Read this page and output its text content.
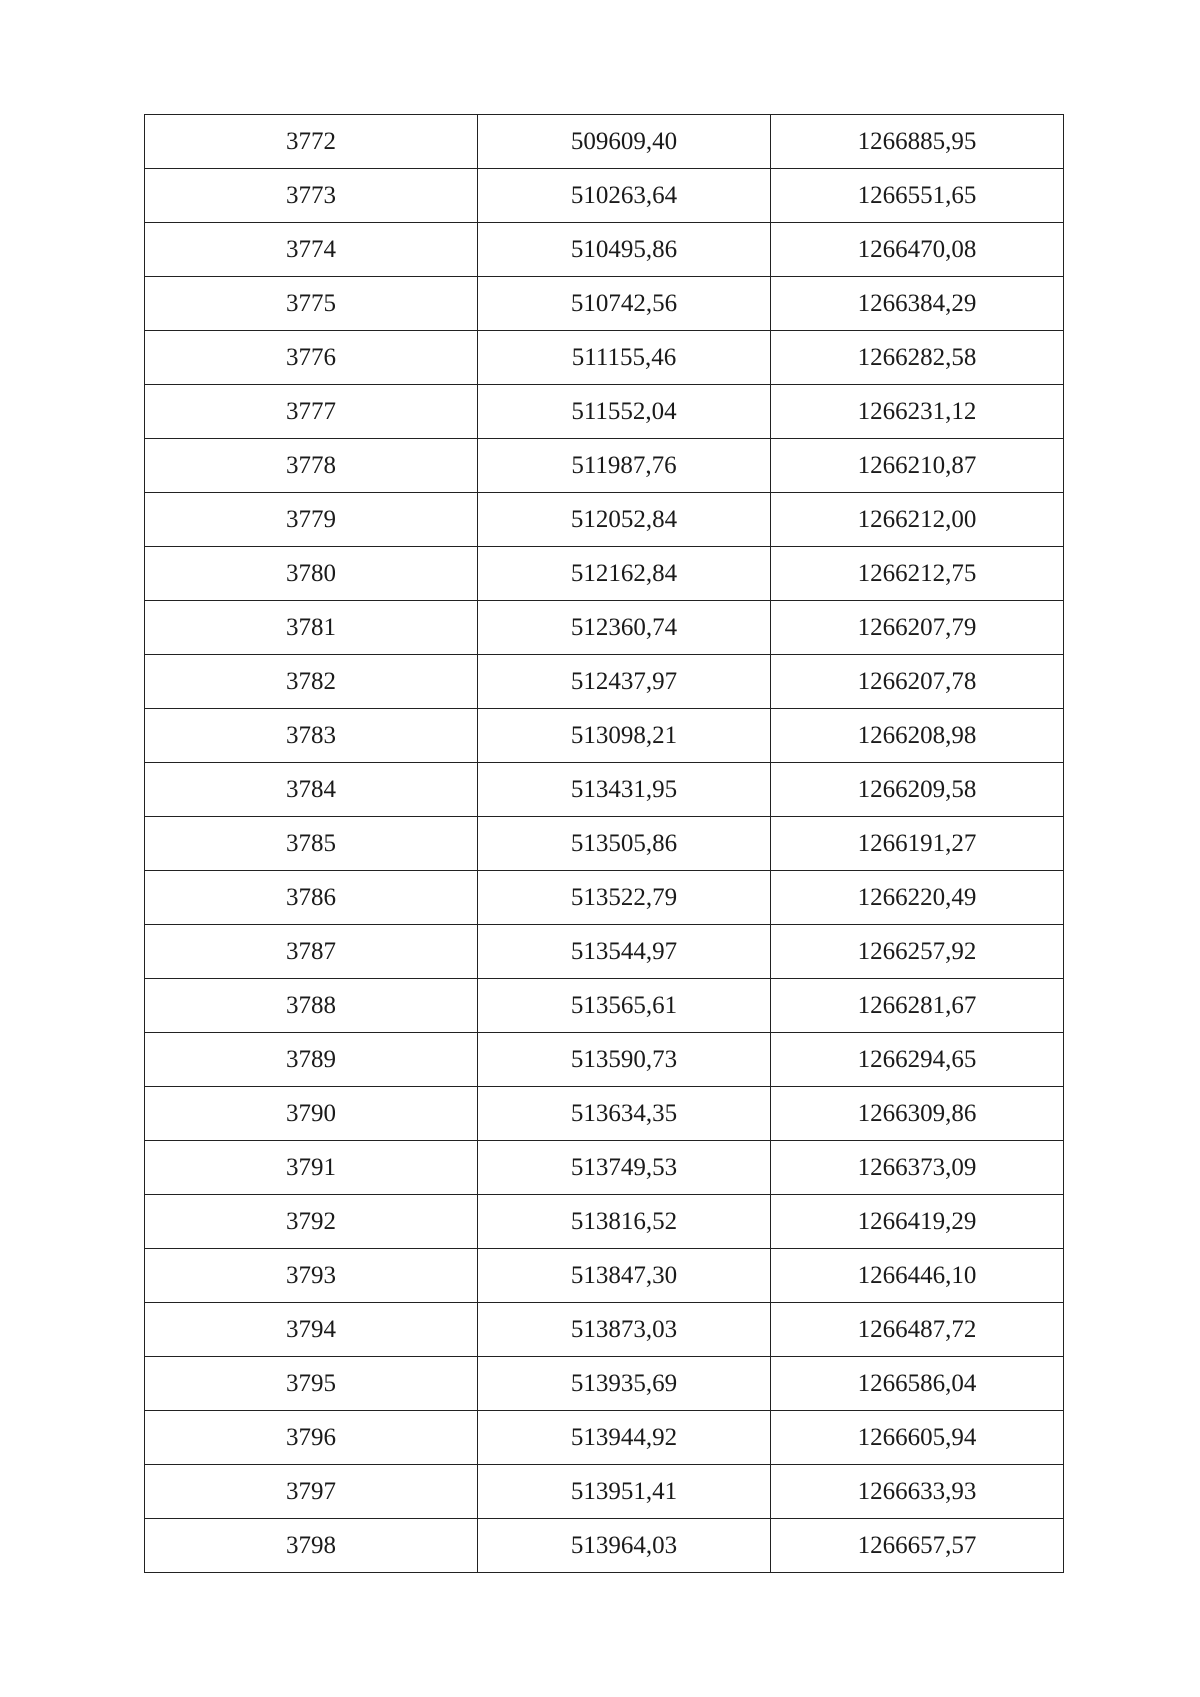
3772	509609,40	1266885,95
3773	510263,64	1266551,65
3774	510495,86	1266470,08
3775	510742,56	1266384,29
3776	511155,46	1266282,58
3777	511552,04	1266231,12
3778	511987,76	1266210,87
3779	512052,84	1266212,00
3780	512162,84	1266212,75
3781	512360,74	1266207,79
3782	512437,97	1266207,78
3783	513098,21	1266208,98
3784	513431,95	1266209,58
3785	513505,86	1266191,27
3786	513522,79	1266220,49
3787	513544,97	1266257,92
3788	513565,61	1266281,67
3789	513590,73	1266294,65
3790	513634,35	1266309,86
3791	513749,53	1266373,09
3792	513816,52	1266419,29
3793	513847,30	1266446,10
3794	513873,03	1266487,72
3795	513935,69	1266586,04
3796	513944,92	1266605,94
3797	513951,41	1266633,93
3798	513964,03	1266657,57
